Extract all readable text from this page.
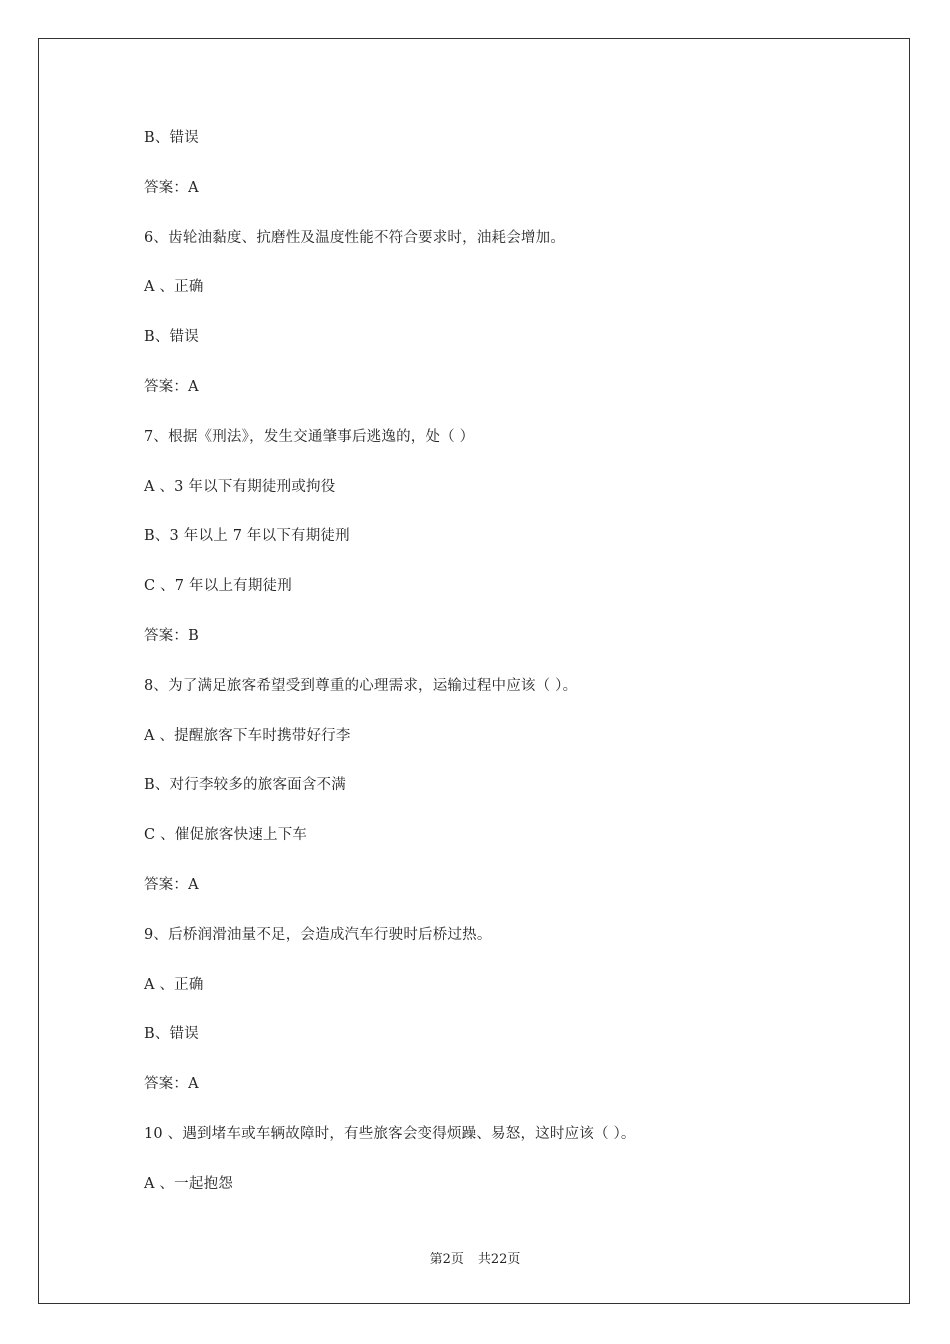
B、错误
答案：A
6、齿轮油黏度、抗磨性及温度性能不符合要求时，油耗会增加。
A 、正确
B、错误
答案：A
7、根据《刑法》，发生交通肇事后逃逸的，处（ ）
A 、3 年以下有期徒刑或拘役
B、3 年以上 7 年以下有期徒刑
C 、7 年以上有期徒刑
答案：B
8、为了满足旅客希望受到尊重的心理需求，运输过程中应该（ ）。
A 、提醒旅客下车时携带好行李
B、对行李较多的旅客面含不满
C 、催促旅客快速上下车
答案：A
9、后桥润滑油量不足，会造成汽车行驶时后桥过热。
A 、正确
B、错误
答案：A
10 、遇到堵车或车辆故障时，有些旅客会变得烦躁、易怒，这时应该（ ）。
A 、一起抱怨
第2页 共22页
